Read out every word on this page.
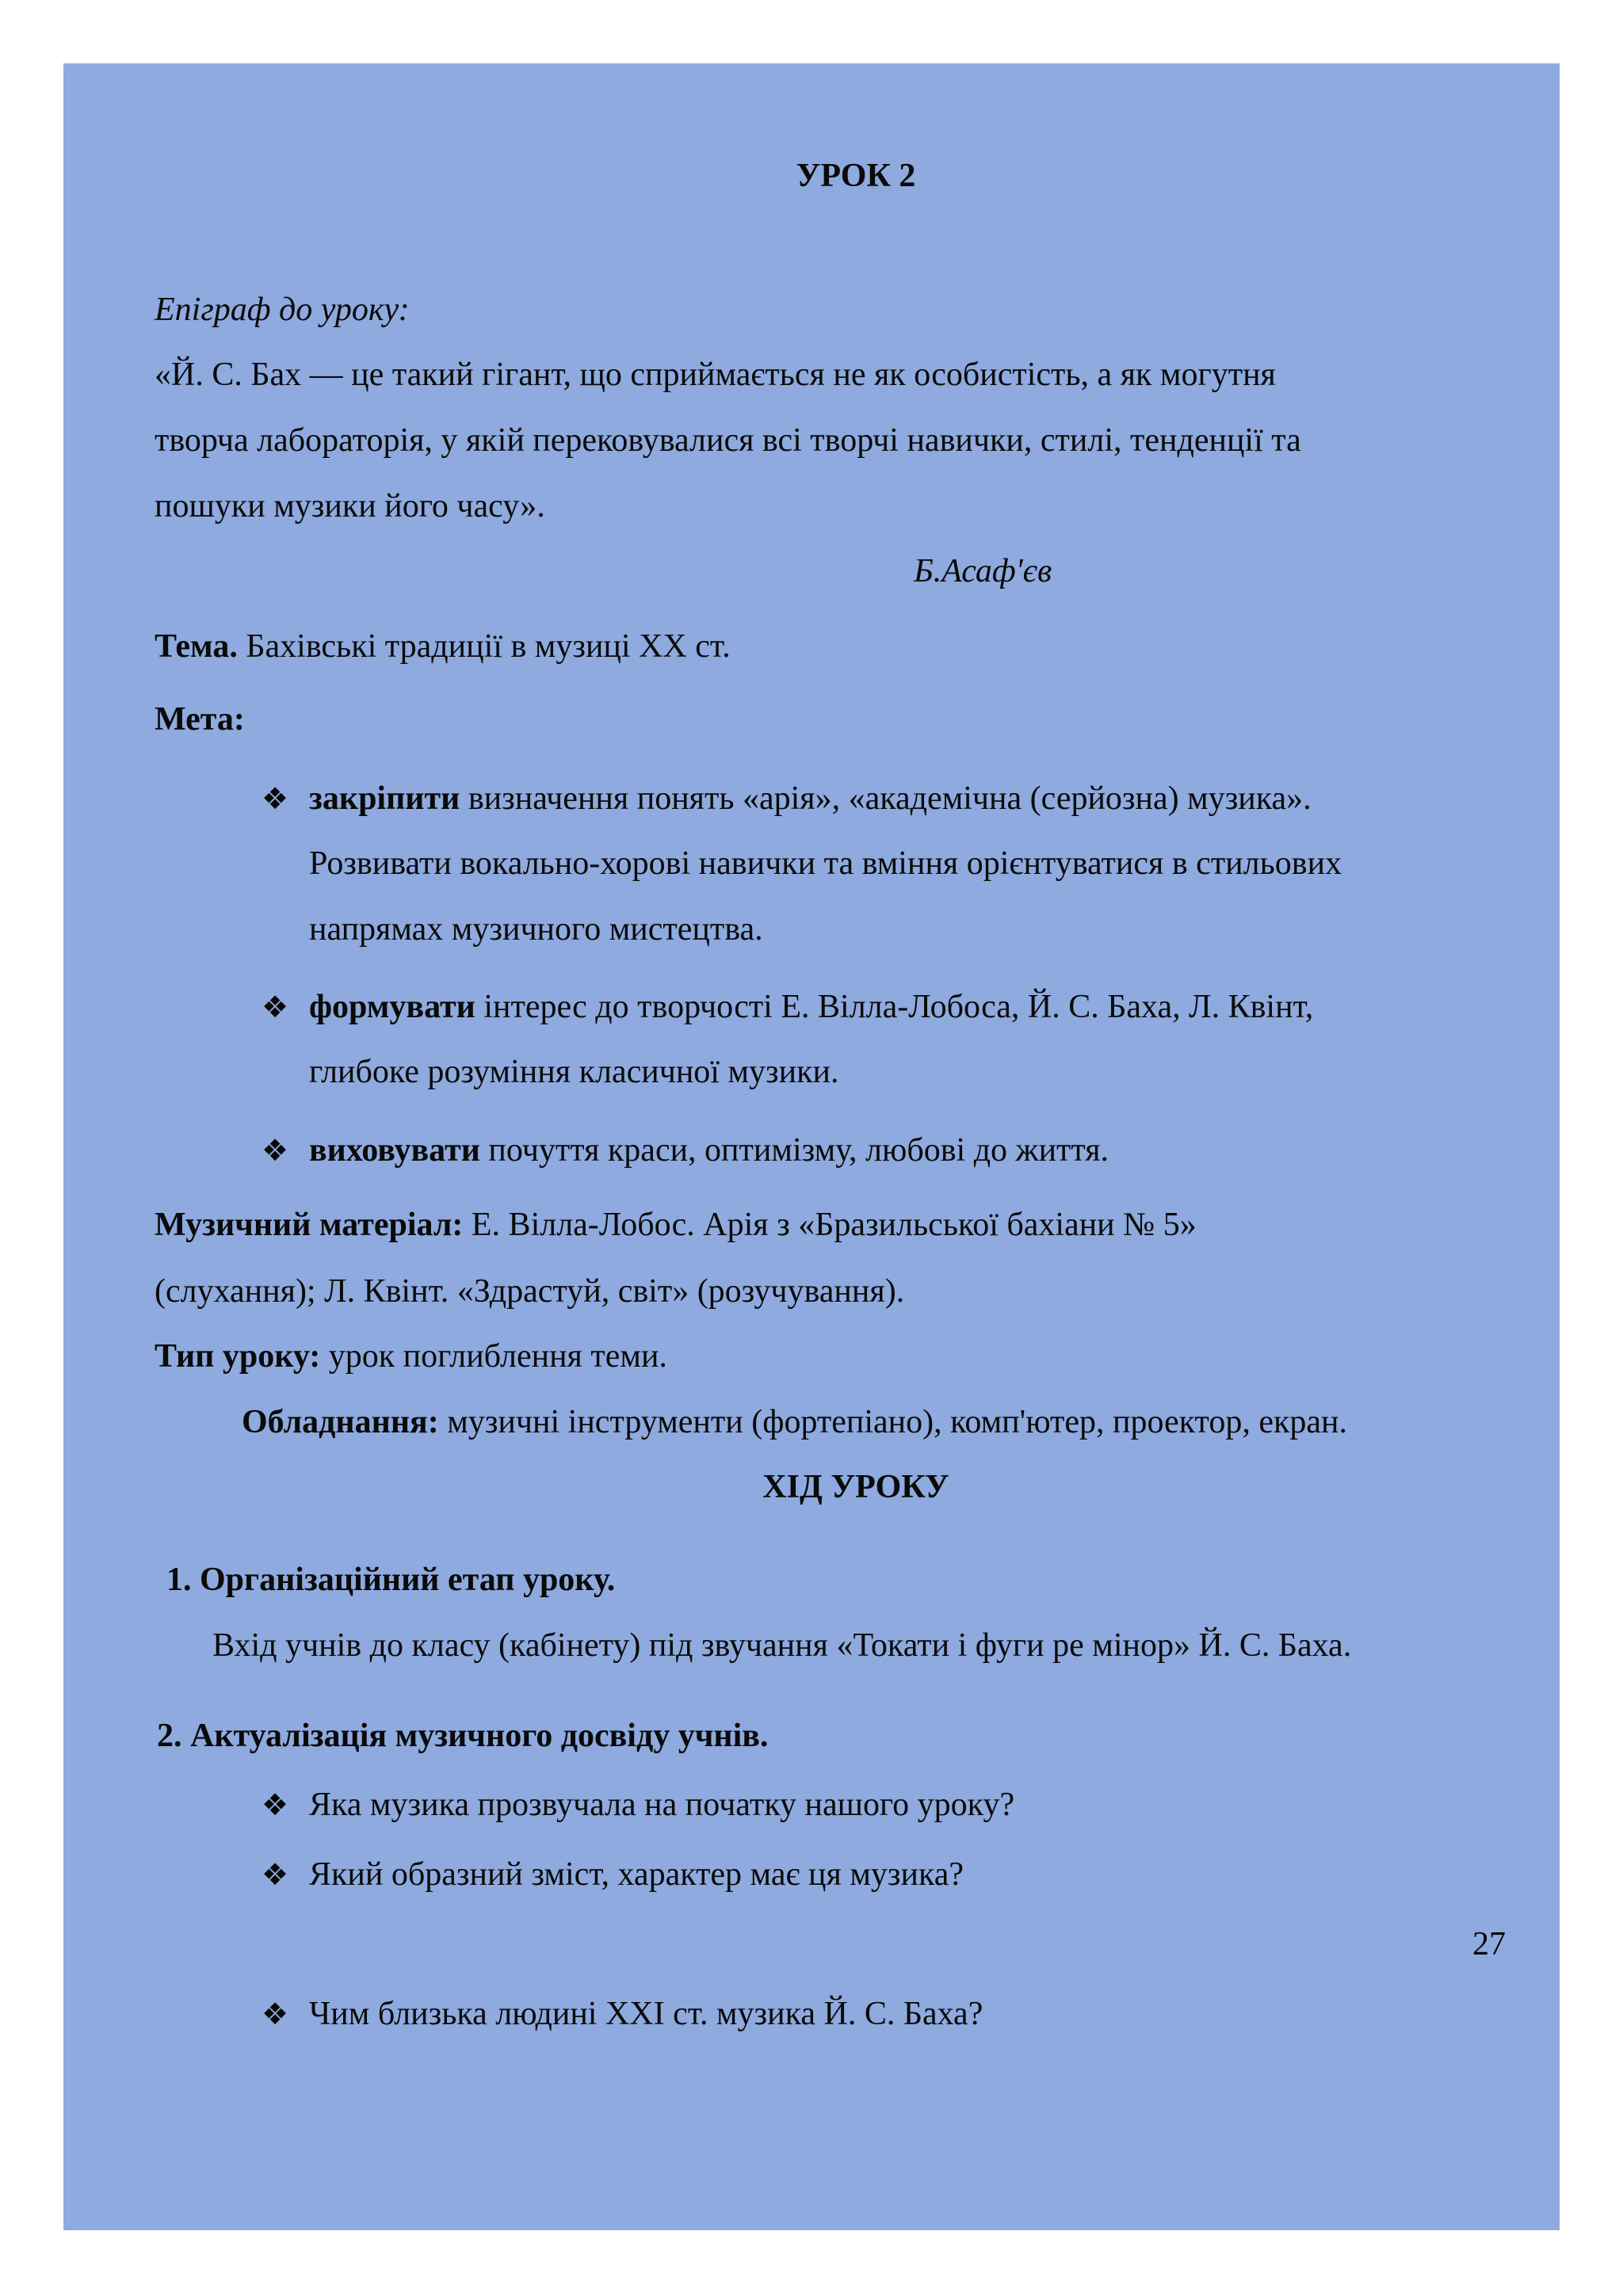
УРОК 2
Епіграф до уроку:
«Й. С. Бах — це такий гігант, що сприймається не як особистість, а як могутня
творча лабораторія, у якій перековувалися всі творчі навички, стилі, тенденції та
пошуки музики його часу».
Б.Асаф'єв
Тема. Бахівські традиції в музиці ХХ ст.
Мета:
❖ закріпити визначення понять «арія», «академічна (серйозна) музика».
Розвивати вокально-хорові навички та вміння орієнтуватися в стильових
напрямах музичного мистецтва.
❖ формувати інтерес до творчості Е. Вілла-Лобоса, Й. С. Баха, Л. Квінт,
глибоке розуміння класичної музики.
❖ виховувати почуття краси, оптимізму, любові до життя.
Музичний матеріал: Е. Вілла-Лобос. Арія з «Бразильської бахіани № 5»
(слухання); Л. Квінт. «Здрастуй, світ» (розучування).
Тип уроку: урок поглиблення теми.
Обладнання: музичні інструменти (фортепіано), комп'ютер, проектор, екран.
ХІД УРОКУ
1. Організаційний етап уроку.
Вхід учнів до класу (кабінету) під звучання «Токати і фуги ре мінор» Й. С. Баха.
2. Актуалізація музичного досвіду учнів.
❖ Яка музика прозвучала на початку нашого уроку?
❖ Який образний зміст, характер має ця музика?
27
❖ Чим близька людині ХХІ ст. музика Й. С. Баха?
